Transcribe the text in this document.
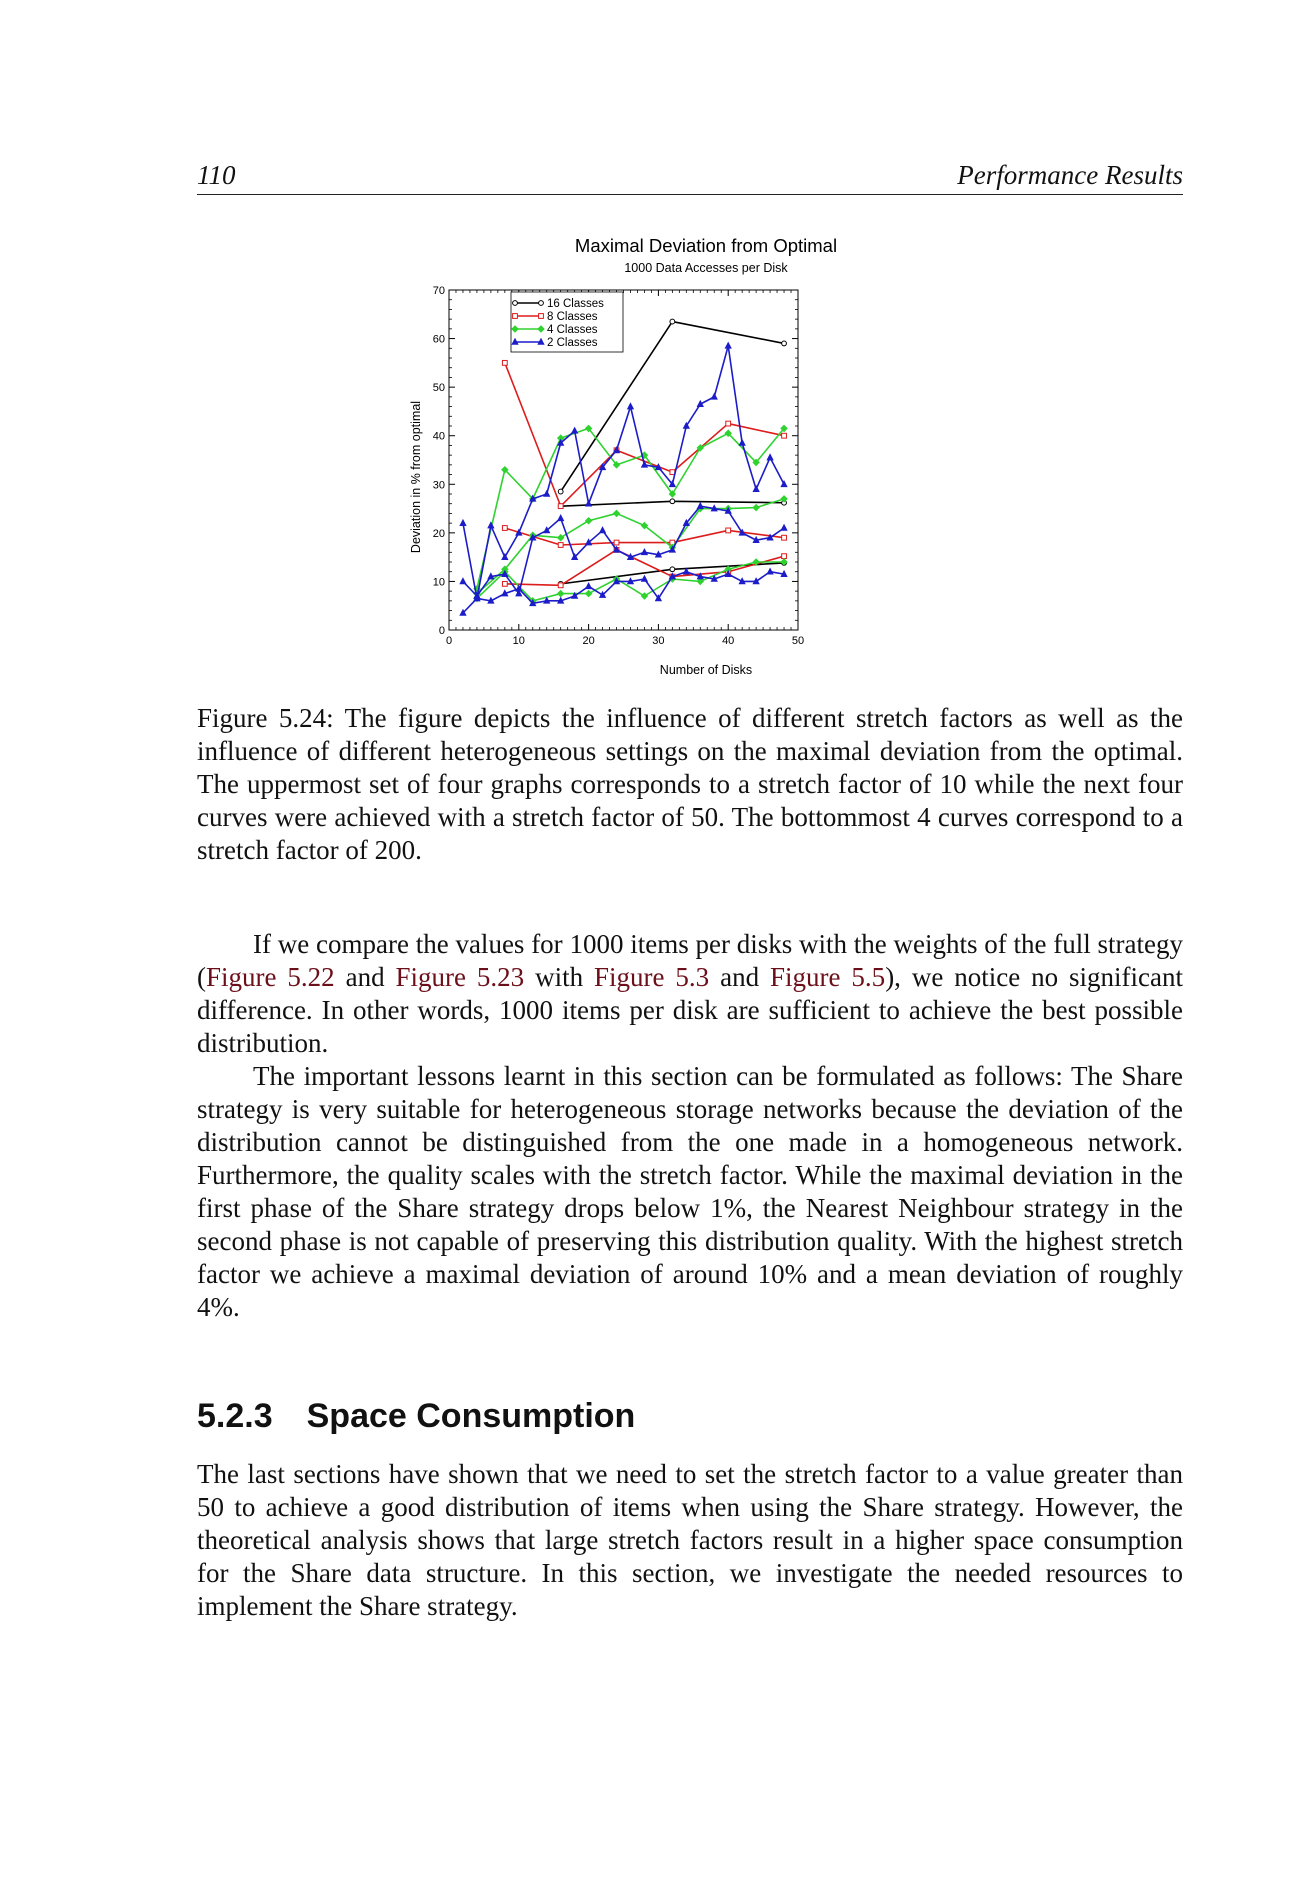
110	Performance Results
Maximal Deviation from Optimal
1000 Data Accesses per Disk
0	10	20	30	40	50
0
10
20
30
40
50
60
70
16 Classes
8 Classes
4 Classes
2 Classes
Number of Disks
Deviation in % from optimal
Figure 5.24: The figure depicts the influence of different stretch factors as well as the influence of different heterogeneous settings on the maximal deviation from the optimal. The uppermost set of four graphs corresponds to a stretch factor of 10 while the next four curves were achieved with a stretch factor of 50. The bottommost 4 curves correspond to a stretch factor of 200.

If we compare the values for 1000 items per disks with the weights of the full strategy (Figure 5.22 and Figure 5.23 with Figure 5.3 and Figure 5.5), we notice no significant difference. In other words, 1000 items per disk are sufficient to achieve the best possible distribution.

The important lessons learnt in this section can be formulated as follows: The Share strategy is very suitable for heterogeneous storage networks because the deviation of the distribution cannot be distinguished from the one made in a homogeneous network. Furthermore, the quality scales with the stretch factor. While the maximal deviation in the first phase of the Share strategy drops below 1%, the Nearest Neighbour strategy in the second phase is not capable of preserving this distribution quality. With the highest stretch factor we achieve a maximal deviation of around 10% and a mean deviation of roughly 4%.

5.2.3 Space Consumption

The last sections have shown that we need to set the stretch factor to a value greater than 50 to achieve a good distribution of items when using the Share strategy. However, the theoretical analysis shows that large stretch factors result in a higher space consumption for the Share data structure. In this section, we investigate the needed resources to implement the Share strategy.
